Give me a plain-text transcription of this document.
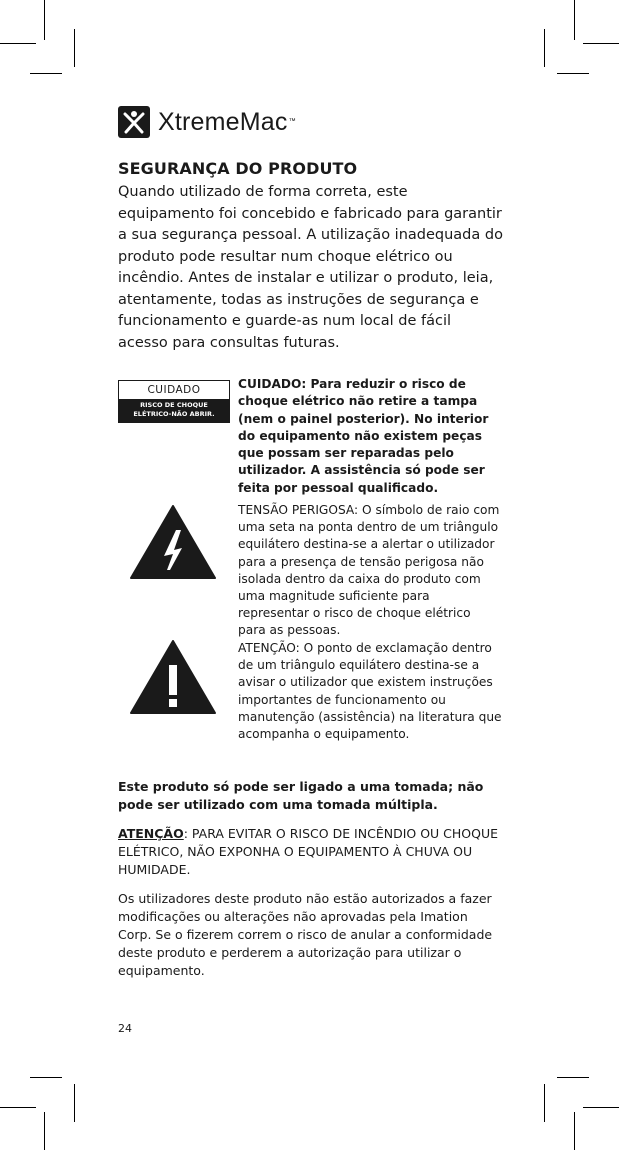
XtremeMac™
SEGURANÇA DO PRODUTO
Quando utilizado de forma correta, este equipamento foi concebido e fabricado para garantir a sua segurança pessoal. A utilização inadequada do produto pode resultar num choque elétrico ou incêndio. Antes de instalar e utilizar o produto, leia, atentamente, todas as instruções de segurança e funcionamento e guarde-as num local de fácil acesso para consultas futuras.
CUIDADO
RISCO DE CHOQUE ELÉTRICO-NÃO ABRIR.
CUIDADO: Para reduzir o risco de choque elétrico não retire a tampa (nem o painel posterior). No interior do equipamento não existem peças que possam ser reparadas pelo utilizador. A assistência só pode ser feita por pessoal qualificado.
TENSÃO PERIGOSA: O símbolo de raio com uma seta na ponta dentro de um triângulo equilátero destina-se a alertar o utilizador para a presença de tensão perigosa não isolada dentro da caixa do produto com uma magnitude suficiente para representar o risco de choque elétrico para as pessoas.
ATENÇÃO: O ponto de exclamação dentro de um triângulo equilátero destina-se a avisar o utilizador que existem instruções importantes de funcionamento ou manutenção (assistência) na literatura que acompanha o equipamento.
Este produto só pode ser ligado a uma tomada; não pode ser utilizado com uma tomada múltipla.
ATENÇÃO: PARA EVITAR O RISCO DE INCÊNDIO OU CHOQUE ELÉTRICO, NÃO EXPONHA O EQUIPAMENTO À CHUVA OU HUMIDADE.
Os utilizadores deste produto não estão autorizados a fazer modificações ou alterações não aprovadas pela Imation Corp. Se o fizerem correm o risco de anular a conformidade deste produto e perderem a autorização para utilizar o equipamento.
24
